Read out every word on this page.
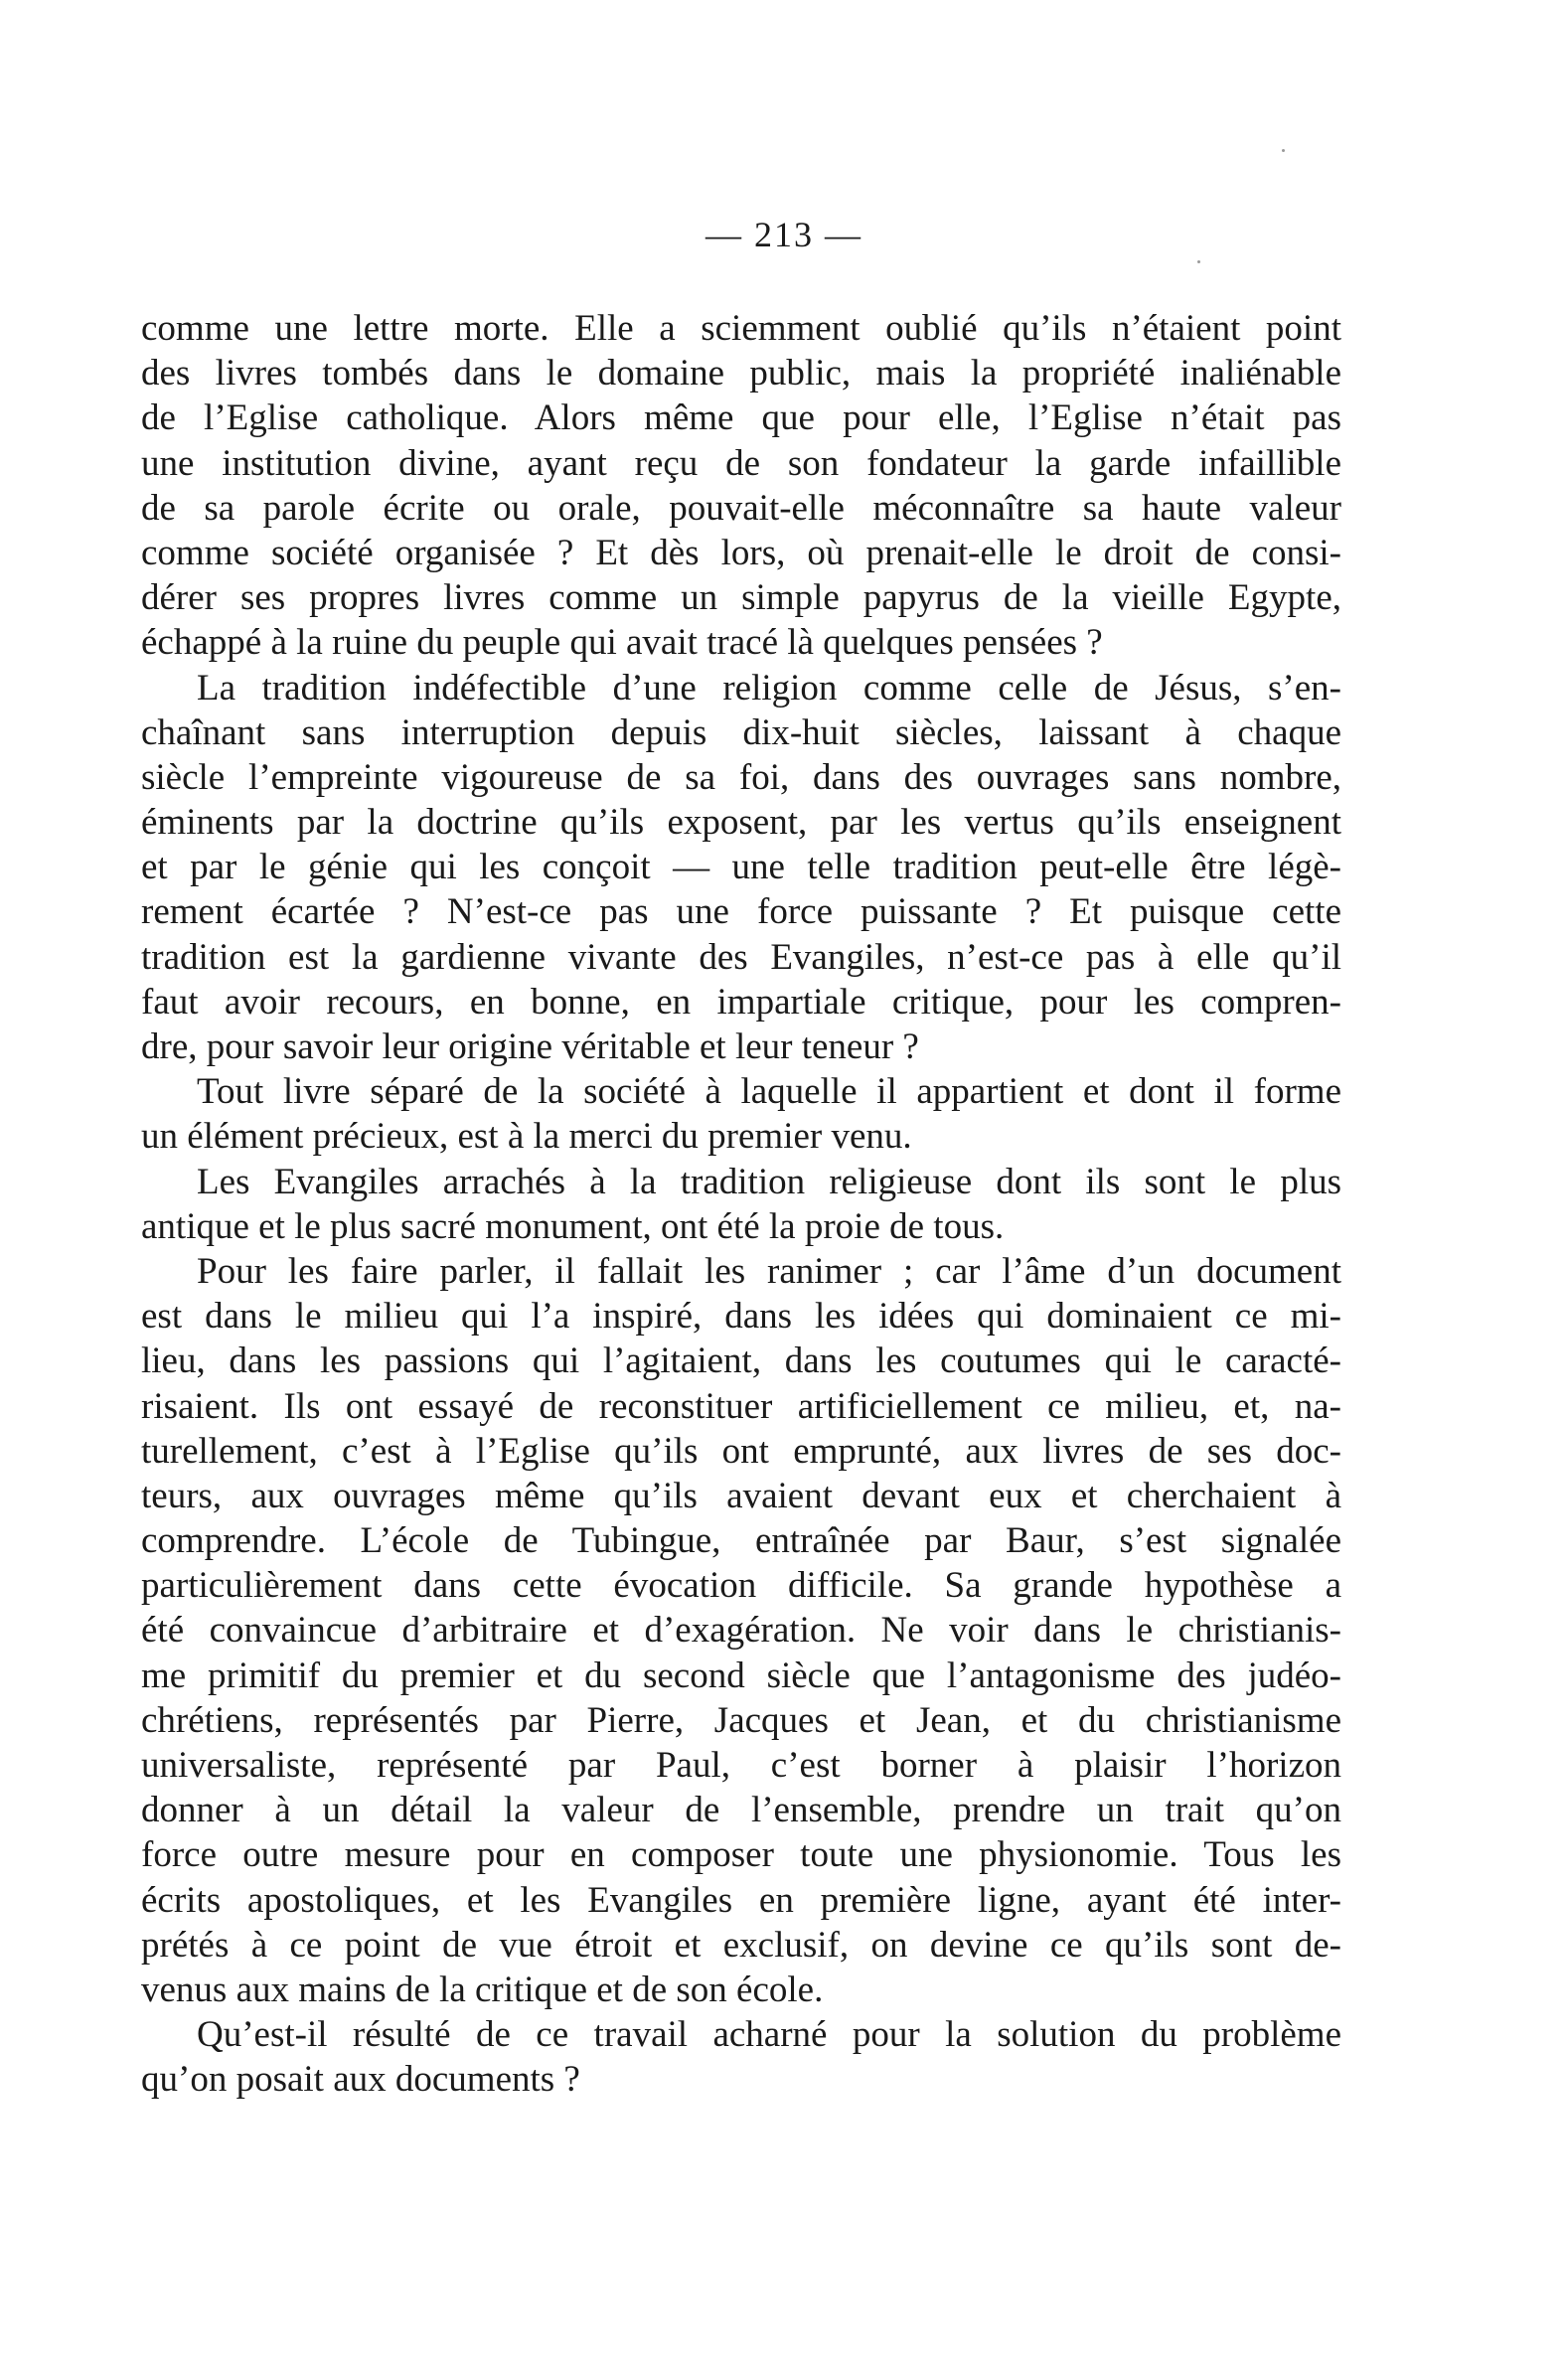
— 213 —
comme une lettre morte. Elle a sciemment oublié qu’ils n’étaient point
des livres tombés dans le domaine public, mais la propriété inaliénable
de l’Eglise catholique. Alors même que pour elle, l’Eglise n’était pas
une institution divine, ayant reçu de son fondateur la garde infaillible
de sa parole écrite ou orale, pouvait-elle méconnaître sa haute valeur
comme société organisée ? Et dès lors, où prenait-elle le droit de consi-
dérer ses propres livres comme un simple papyrus de la vieille Egypte,
échappé à la ruine du peuple qui avait tracé là quelques pensées ?
La tradition indéfectible d’une religion comme celle de Jésus, s’en-
chaînant sans interruption depuis dix-huit siècles, laissant à chaque
siècle l’empreinte vigoureuse de sa foi, dans des ouvrages sans nombre,
éminents par la doctrine qu’ils exposent, par les vertus qu’ils enseignent
et par le génie qui les conçoit — une telle tradition peut-elle être légè-
rement écartée ? N’est-ce pas une force puissante ? Et puisque cette
tradition est la gardienne vivante des Evangiles, n’est-ce pas à elle qu’il
faut avoir recours, en bonne, en impartiale critique, pour les compren-
dre, pour savoir leur origine véritable et leur teneur ?
Tout livre séparé de la société à laquelle il appartient et dont il forme
un élément précieux, est à la merci du premier venu.
Les Evangiles arrachés à la tradition religieuse dont ils sont le plus
antique et le plus sacré monument, ont été la proie de tous.
Pour les faire parler, il fallait les ranimer ; car l’âme d’un document
est dans le milieu qui l’a inspiré, dans les idées qui dominaient ce mi-
lieu, dans les passions qui l’agitaient, dans les coutumes qui le caracté-
risaient. Ils ont essayé de reconstituer artificiellement ce milieu, et, na-
turellement, c’est à l’Eglise qu’ils ont emprunté, aux livres de ses doc-
teurs, aux ouvrages même qu’ils avaient devant eux et cherchaient à
comprendre. L’école de Tubingue, entraînée par Baur, s’est signalée
particulièrement dans cette évocation difficile. Sa grande hypothèse a
été convaincue d’arbitraire et d’exagération. Ne voir dans le christianis-
me primitif du premier et du second siècle que l’antagonisme des judéo-
chrétiens, représentés par Pierre, Jacques et Jean, et du christianisme
universaliste, représenté par Paul, c’est borner à plaisir l’horizon
donner à un détail la valeur de l’ensemble, prendre un trait qu’on
force outre mesure pour en composer toute une physionomie. Tous les
écrits apostoliques, et les Evangiles en première ligne, ayant été inter-
prétés à ce point de vue étroit et exclusif, on devine ce qu’ils sont de-
venus aux mains de la critique et de son école.
Qu’est-il résulté de ce travail acharné pour la solution du problème
qu’on posait aux documents ?
